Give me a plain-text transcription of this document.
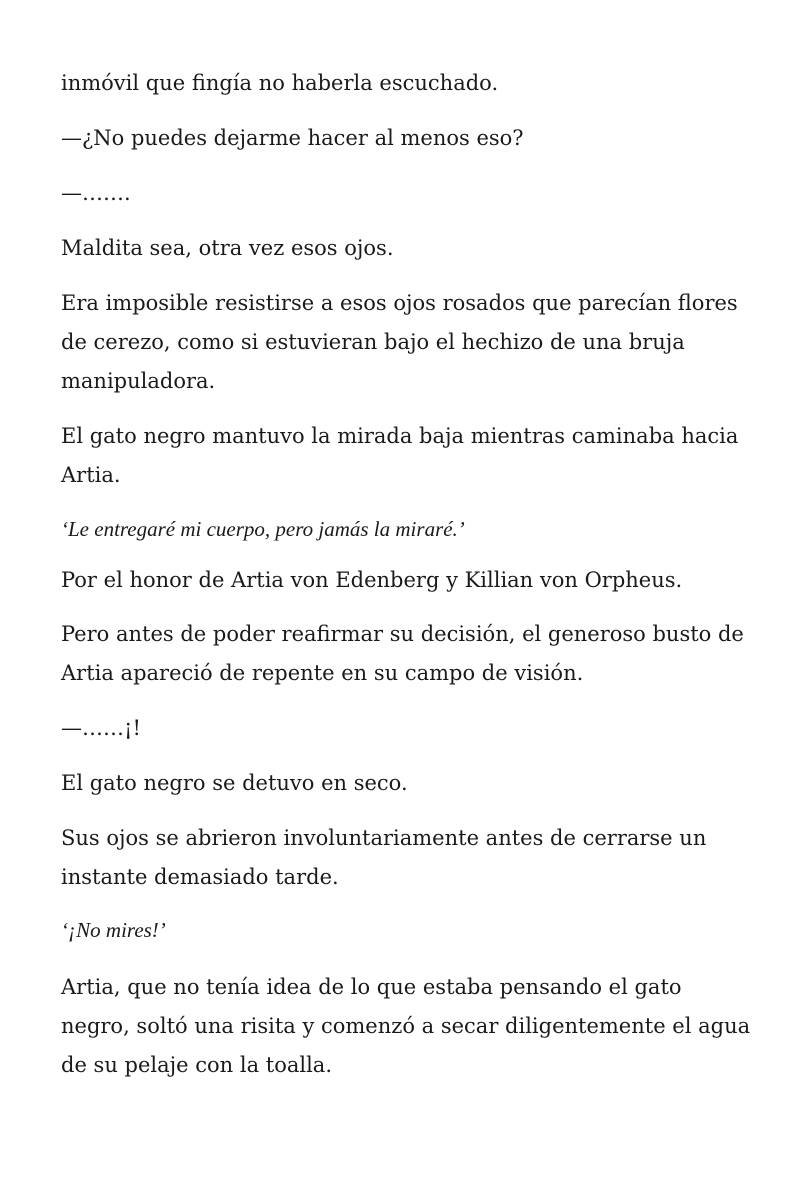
inmóvil que fingía no haberla escuchado.

—¿No puedes dejarme hacer al menos eso?

—…….

Maldita sea, otra vez esos ojos.

Era imposible resistirse a esos ojos rosados que parecían flores de cerezo, como si estuvieran bajo el hechizo de una bruja manipuladora.

El gato negro mantuvo la mirada baja mientras caminaba hacia Artia.

‘Le entregaré mi cuerpo, pero jamás la miraré.’

Por el honor de Artia von Edenberg y Killian von Orpheus.

Pero antes de poder reafirmar su decisión, el generoso busto de Artia apareció de repente en su campo de visión.

—……¡!

El gato negro se detuvo en seco.

Sus ojos se abrieron involuntariamente antes de cerrarse un instante demasiado tarde.

‘¡No mires!’

Artia, que no tenía idea de lo que estaba pensando el gato negro, soltó una risita y comenzó a secar diligentemente el agua de su pelaje con la toalla.
